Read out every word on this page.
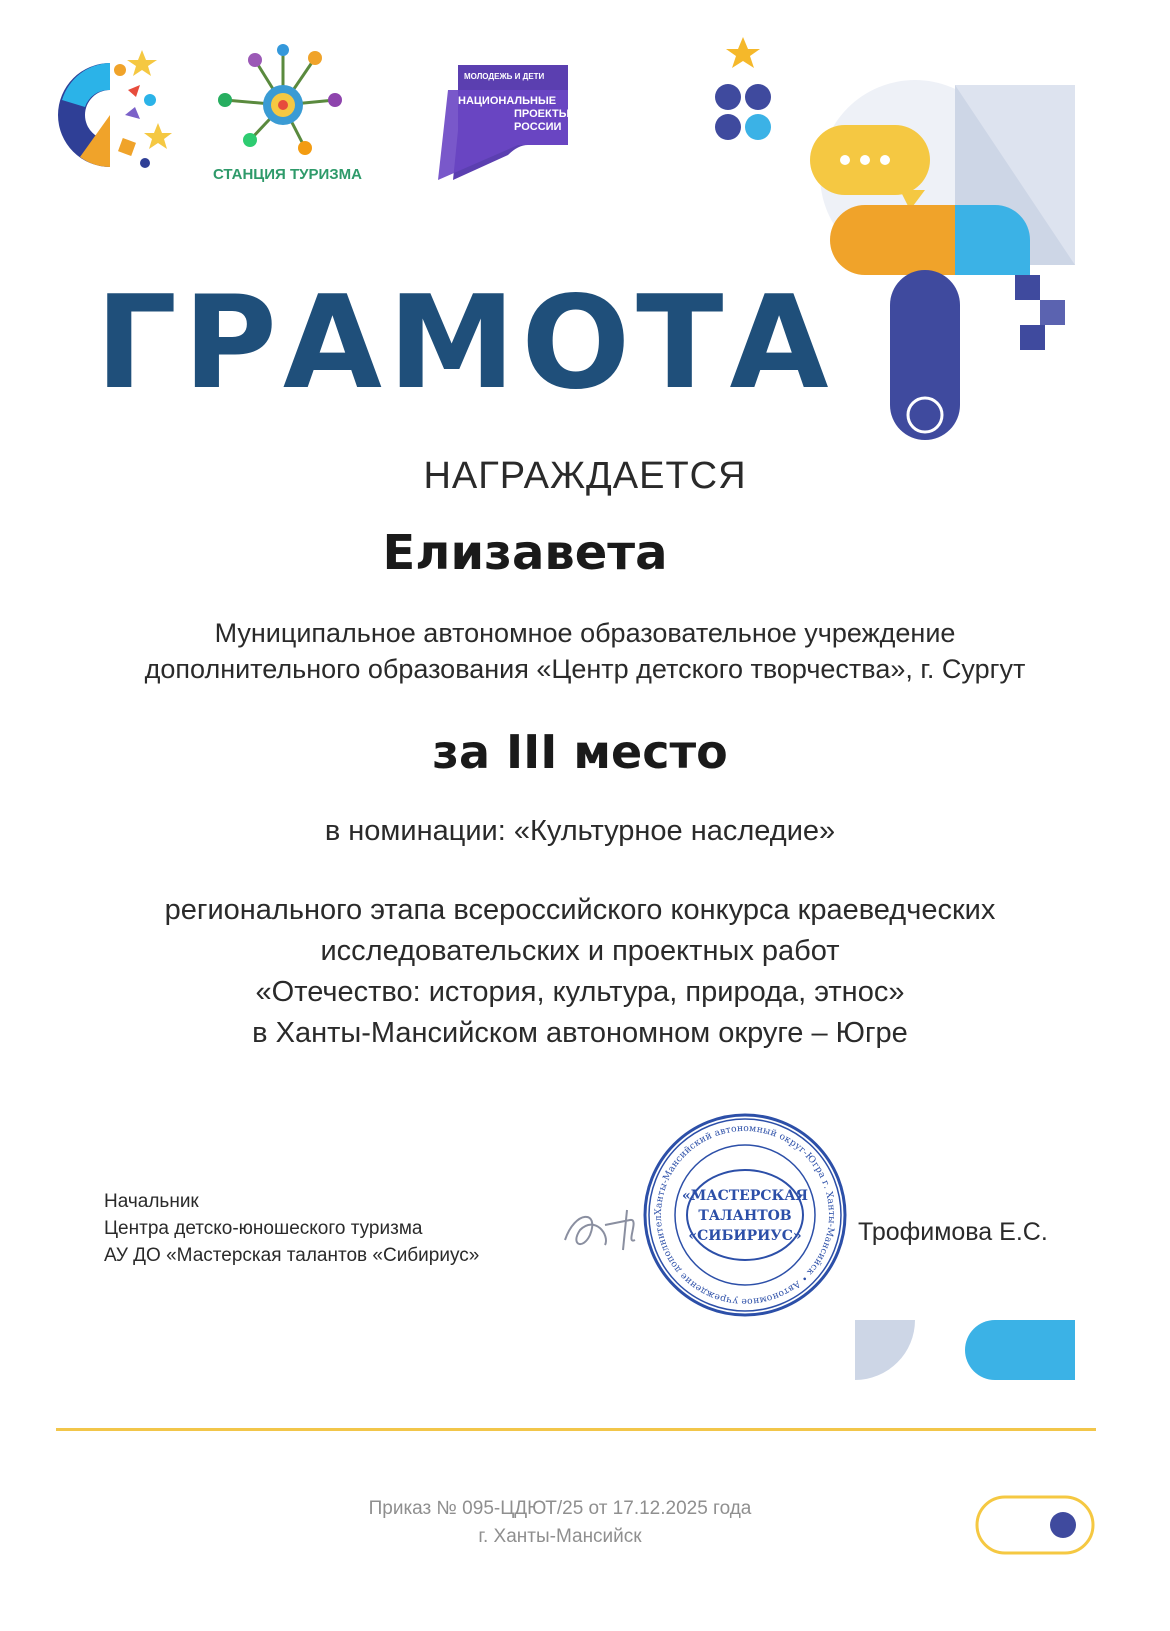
СТАНЦИЯ ТУРИЗМА
МОЛОДЕЖЬ И ДЕТИ
НАЦИОНАЛЬНЫЕ
ПРОЕКТЫ
РОССИИ
ГРАМОТА
НАГРАЖДАЕТСЯ
Елизавета
Муниципальное автономное образовательное учреждение
дополнительного образования «Центр детского творчества», г. Сургут
за III место
в номинации: «Культурное наследие»
регионального этапа всероссийского конкурса краеведческих
исследовательских и проектных работ
«Отечество: история, культура, природа, этнос»
в Ханты-Мансийском автономном округе – Югре
Начальник
Центра детско-юношеского туризма
АУ ДО «Мастерская талантов «Сибириус»
Ханты-Мансийский автономный округ-Югра г. Ханты-Мансийск • Автономное учреждение дополнител
«МАСТЕРСКАЯ
ТАЛАНТОВ
«СИБИРИУС» Трофимова Е.С.
Приказ № 095-ЦДЮТ/25 от 17.12.2025 года
г. Ханты-Мансийск
